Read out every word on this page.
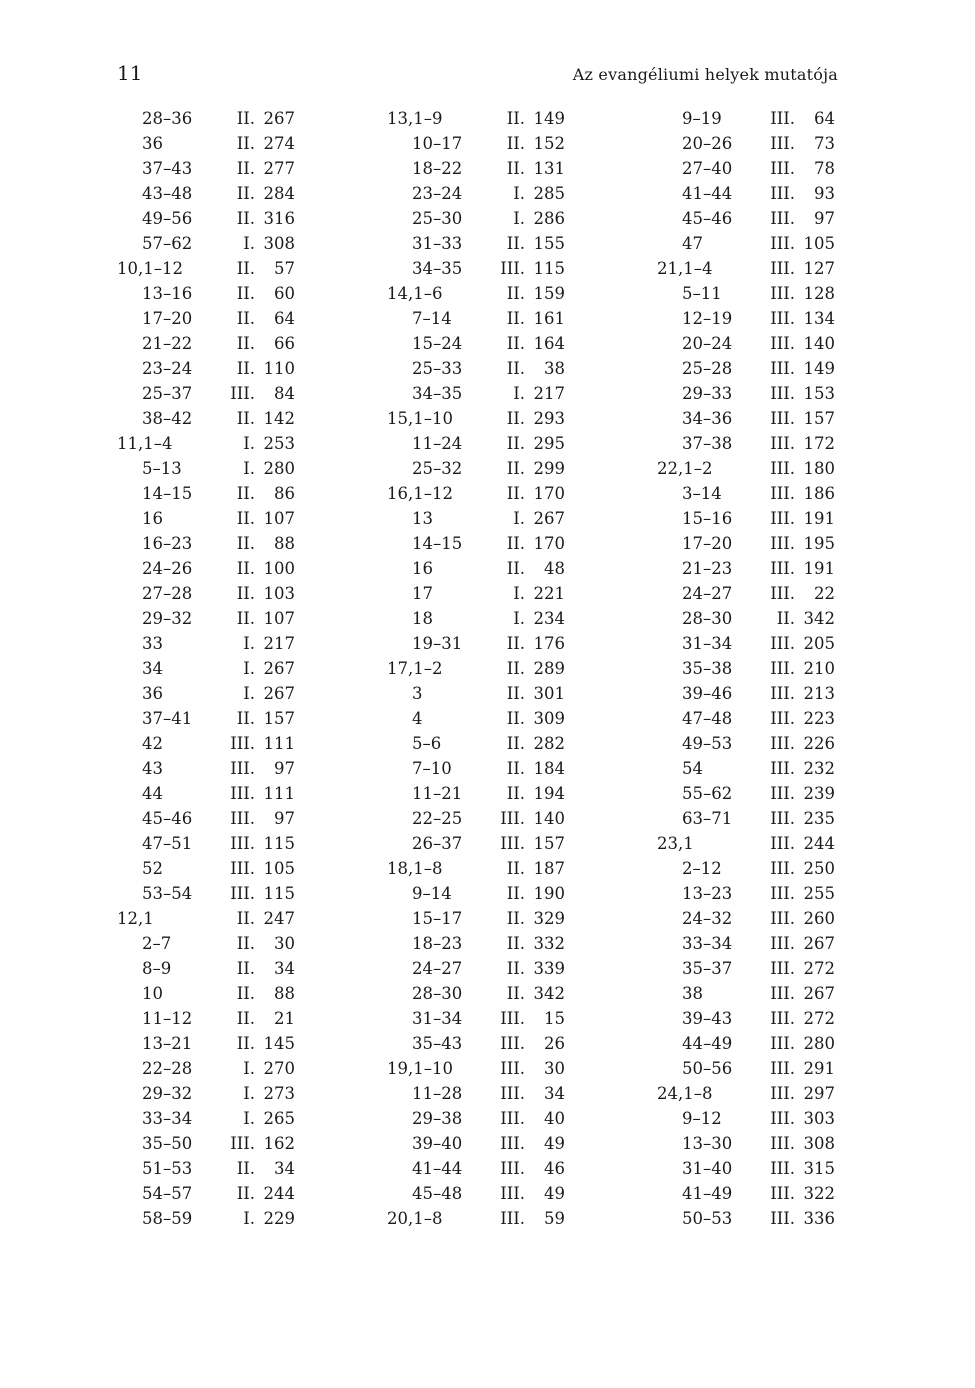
11	Az evangéliumi helyek mutatója
28–36	II. 267
36	II. 274
37–43	II. 277
43–48	II. 284
49–56	II. 316
57–62	I. 308
10,1–12	II.	57
13–16	II.	60
17–20	II.	64
21–22	II.	66
23–24	II. 110
25–37 III.	84
38–42	II. 142
11,1–4	I. 253
5–13	I. 280
14–15	II.	86
16	II. 107
16–23	II.	88
24–26	II. 100
27–28	II. 103
29–32	II. 107
33	I. 217
34	I. 267
36	I. 267
37–41	II. 157
42	III. 111
43	III.	97
44	III. 111
45–46 III.	97
47–51 III. 115
52	III. 105
53–54 III. 115
12,1	II. 247
2–7	II.	30
8–9	II.	34
10	II.	88
11–12	II.	21
13–21	II. 145
22–28	I. 270
29–32	I. 273
33–34	I. 265
35–50 III. 162
51–53	II.	34
54–57	II. 244
58–59	I. 229
13,1–9	II. 149
10–17	II. 152
18–22	II. 131
23–24	I. 285
25–30	I. 286
31–33	II. 155
34–35 III. 115
14,1–6	II. 159
7–14	II. 161
15–24	II. 164
25–33	II.	38
34–35	I. 217
15,1–10	II. 293
11–24	II. 295
25–32	II. 299
16,1–12	II. 170
13	I. 267
14–15	II. 170
16	II.	48
17	I. 221
18	I. 234
19–31	II. 176
17,1–2	II. 289
3	II. 301
4	II. 309
5–6	II. 282
7–10	II. 184
11–21	II. 194
22–25 III. 140
26–37 III. 157
18,1–8	II. 187
9–14	II. 190
15–17	II. 329
18–23	II. 332
24–27	II. 339
28–30	II. 342
31–34 III.	15
35–43 III.	26
19,1–10	III.	30
11–28 III.	34
29–38 III.	40
39–40 III.	49
41–44 III.	46
45–48 III.	49
20,1–8	III.	59
9–19	III.	64
20–26 III.	73
27–40 III.	78
41–44 III.	93
45–46 III.	97
47	III. 105
21,1–4	III. 127
5–11	III. 128
12–19 III. 134
20–24 III. 140
25–28 III. 149
29–33 III. 153
34–36 III. 157
37–38 III. 172
22,1–2	III. 180
3–14	III. 186
15–16 III. 191
17–20 III. 195
21–23 III. 191
24–27 III.	22
28–30	II. 342
31–34 III. 205
35–38 III. 210
39–46 III. 213
47–48 III. 223
49–53 III. 226
54	III. 232
55–62 III. 239
63–71 III. 235
23,1	III. 244
2–12	III. 250
13–23 III. 255
24–32 III. 260
33–34 III. 267
35–37 III. 272
38	III. 267
39–43 III. 272
44–49 III. 280
50–56 III. 291
24,1–8	III. 297
9–12	III. 303
13–30 III. 308
31–40 III. 315
41–49 III. 322
50–53 III. 336
